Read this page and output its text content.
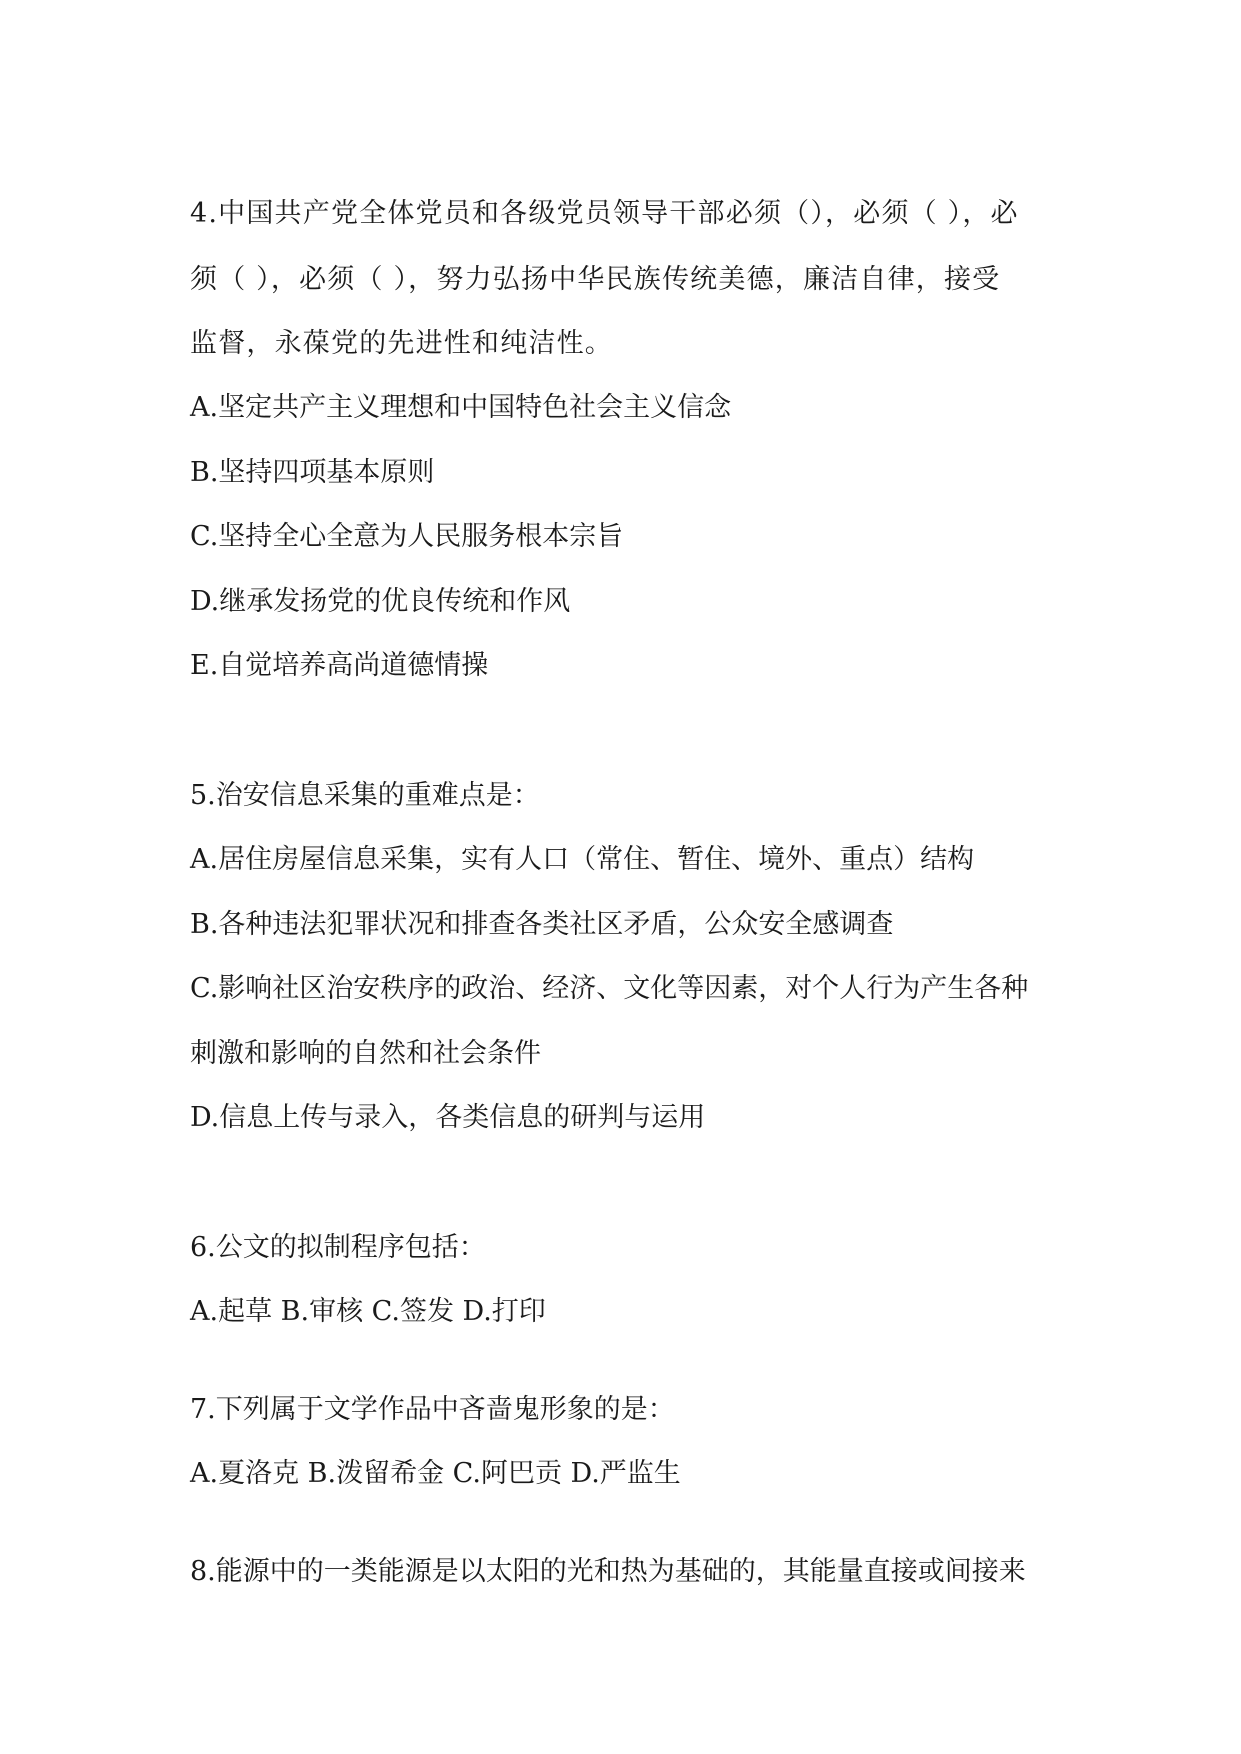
4.中国共产党全体党员和各级党员领导干部必须（），必须（ ），必
须（ ），必须（ ），努力弘扬中华民族传统美德，廉洁自律，接受
监督，永葆党的先进性和纯洁性。
A.坚定共产主义理想和中国特色社会主义信念
B.坚持四项基本原则
C.坚持全心全意为人民服务根本宗旨
D.继承发扬党的优良传统和作风
E.自觉培养高尚道德情操
5.治安信息采集的重难点是：
A.居住房屋信息采集，实有人口（常住、暂住、境外、重点）结构
B.各种违法犯罪状况和排查各类社区矛盾，公众安全感调查
C.影响社区治安秩序的政治、经济、文化等因素，对个人行为产生各种
刺激和影响的自然和社会条件
D.信息上传与录入，各类信息的研判与运用
6.公文的拟制程序包括：
A.起草 B.审核 C.签发 D.打印
7.下列属于文学作品中吝啬鬼形象的是：
A.夏洛克 B.泼留希金 C.阿巴贡 D.严监生
8.能源中的一类能源是以太阳的光和热为基础的，其能量直接或间接来
